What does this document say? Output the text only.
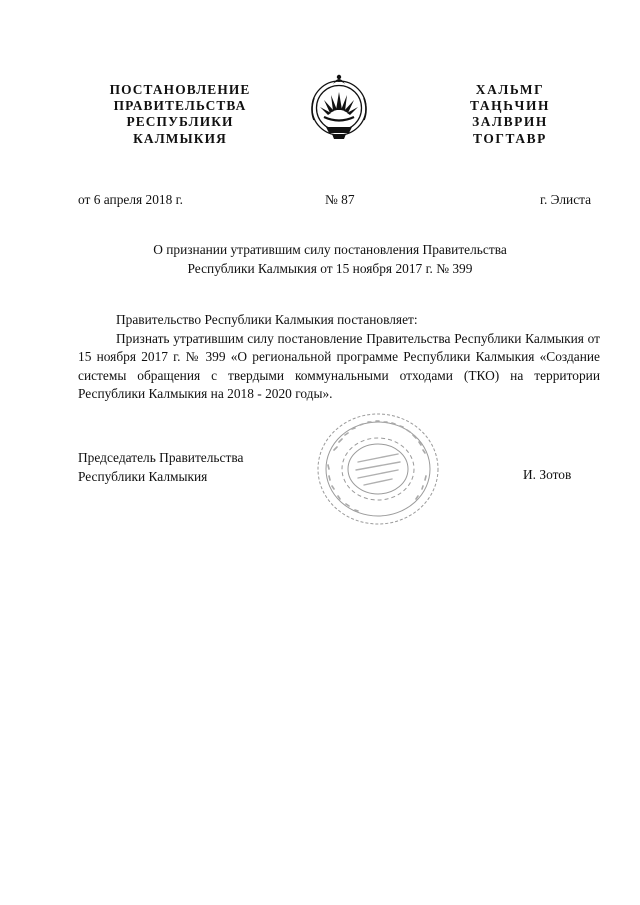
ПОСТАНОВЛЕНИЕ
ПРАВИТЕЛЬСТВА
РЕСПУБЛИКИ
КАЛМЫКИЯ
ХАЛЬМГ
ТАҢҺЧИН
ЗАЛВРИН
ТОГТАВР
от 6 апреля 2018 г.	№ 87	г. Элиста
О признании утратившим силу постановления Правительства
Республики Калмыкия от 15 ноября 2017 г. № 399

Правительство Республики Калмыкия постановляет:

Признать утратившим силу постановление Правительства Республики Калмыкия от 15 ноября 2017 г. № 399 «О региональной программе Республики Калмыкия «Создание системы обращения с твердыми коммунальными отходами (ТКО) на территории Республики Калмыкия на 2018 - 2020 годы».

Председатель Правительства
Республики Калмыкия	И. Зотов
